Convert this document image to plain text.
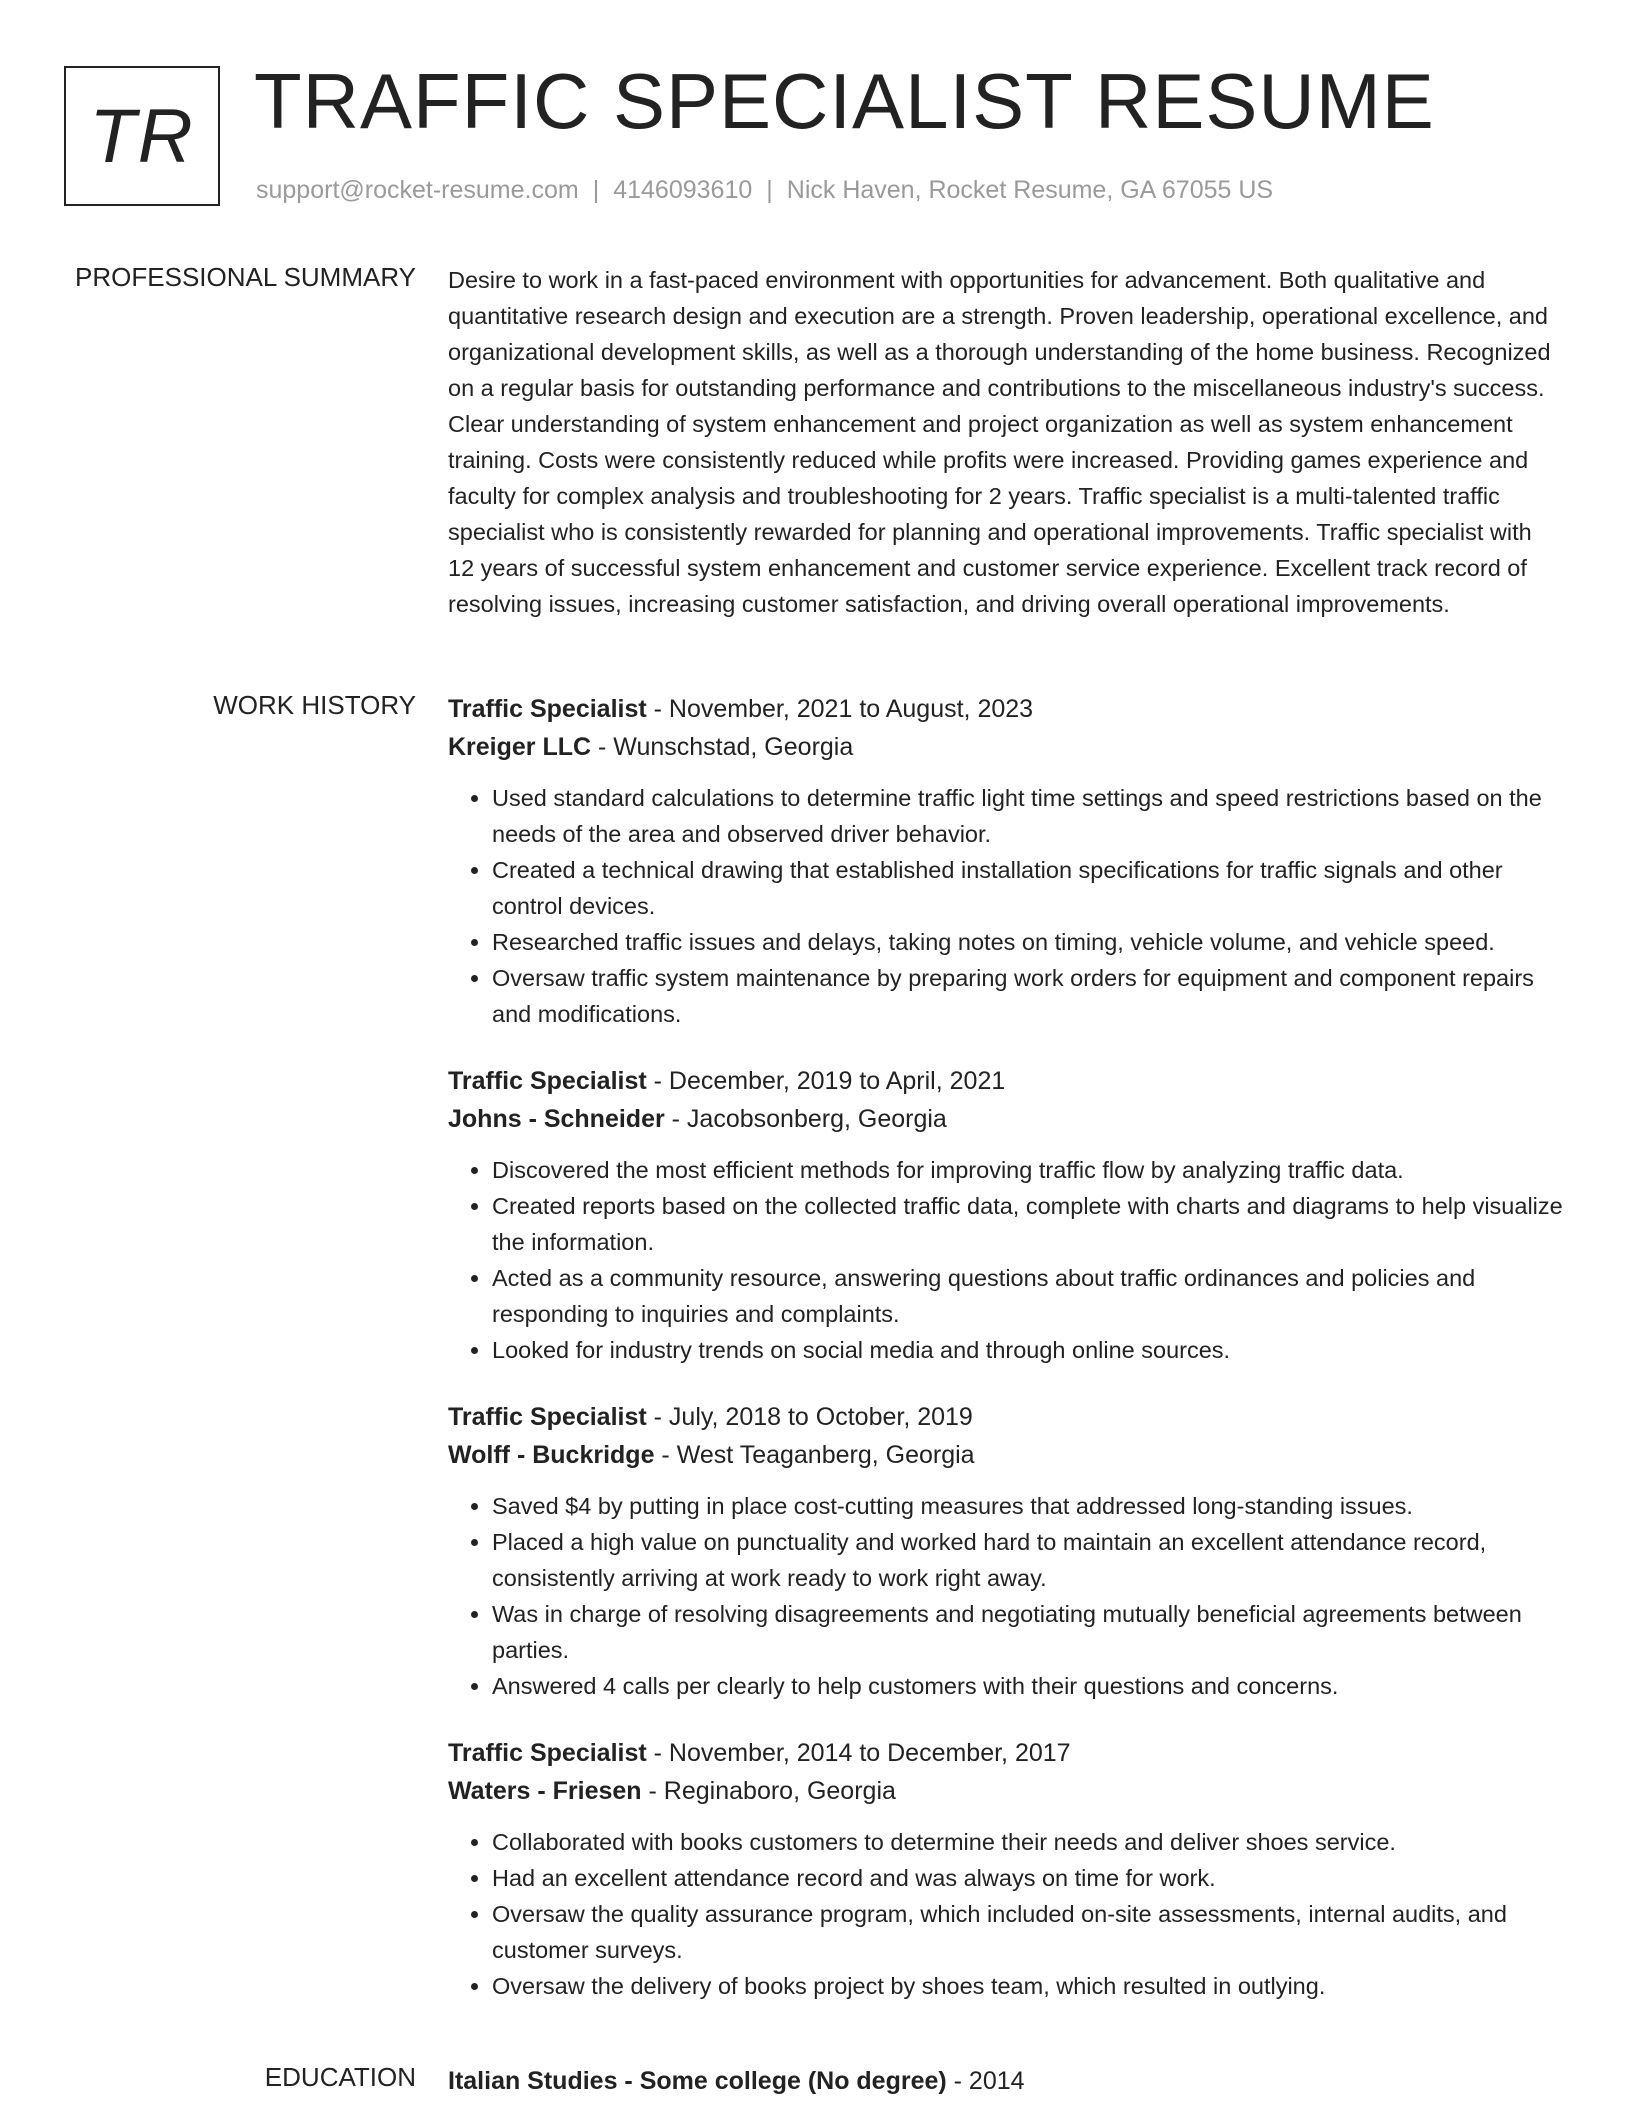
TR TRAFFIC SPECIALIST RESUME
support@rocket-resume.com | 4146093610 | Nick Haven, Rocket Resume, GA 67055 US
PROFESSIONAL SUMMARY Desire to work in a fast-paced environment with opportunities for advancement. Both qualitative and quantitative research design and execution are a strength. Proven leadership, operational excellence, and organizational development skills, as well as a thorough understanding of the home business. Recognized on a regular basis for outstanding performance and contributions to the miscellaneous industry's success. Clear understanding of system enhancement and project organization as well as system enhancement training. Costs were consistently reduced while profits were increased. Providing games experience and faculty for complex analysis and troubleshooting for 2 years. Traffic specialist is a multi-talented traffic specialist who is consistently rewarded for planning and operational improvements. Traffic specialist with 12 years of successful system enhancement and customer service experience. Excellent track record of resolving issues, increasing customer satisfaction, and driving overall operational improvements.

WORK HISTORY Traffic Specialist - November, 2021 to August, 2023
Kreiger LLC - Wunschstad, Georgia
• Used standard calculations to determine traffic light time settings and speed restrictions based on the needs of the area and observed driver behavior.
• Created a technical drawing that established installation specifications for traffic signals and other control devices.
• Researched traffic issues and delays, taking notes on timing, vehicle volume, and vehicle speed.
• Oversaw traffic system maintenance by preparing work orders for equipment and component repairs and modifications.
Traffic Specialist - December, 2019 to April, 2021
Johns - Schneider - Jacobsonberg, Georgia
• Discovered the most efficient methods for improving traffic flow by analyzing traffic data.
• Created reports based on the collected traffic data, complete with charts and diagrams to help visualize the information.
• Acted as a community resource, answering questions about traffic ordinances and policies and responding to inquiries and complaints.
• Looked for industry trends on social media and through online sources.
Traffic Specialist - July, 2018 to October, 2019
Wolff - Buckridge - West Teaganberg, Georgia
• Saved $4 by putting in place cost-cutting measures that addressed long-standing issues.
• Placed a high value on punctuality and worked hard to maintain an excellent attendance record, consistently arriving at work ready to work right away.
• Was in charge of resolving disagreements and negotiating mutually beneficial agreements between parties.
• Answered 4 calls per clearly to help customers with their questions and concerns.
Traffic Specialist - November, 2014 to December, 2017
Waters - Friesen - Reginaboro, Georgia
• Collaborated with books customers to determine their needs and deliver shoes service.
• Had an excellent attendance record and was always on time for work.
• Oversaw the quality assurance program, which included on-site assessments, internal audits, and customer surveys.
• Oversaw the delivery of books project by shoes team, which resulted in outlying.
EDUCATION Italian Studies - Some college (No degree) - 2014
